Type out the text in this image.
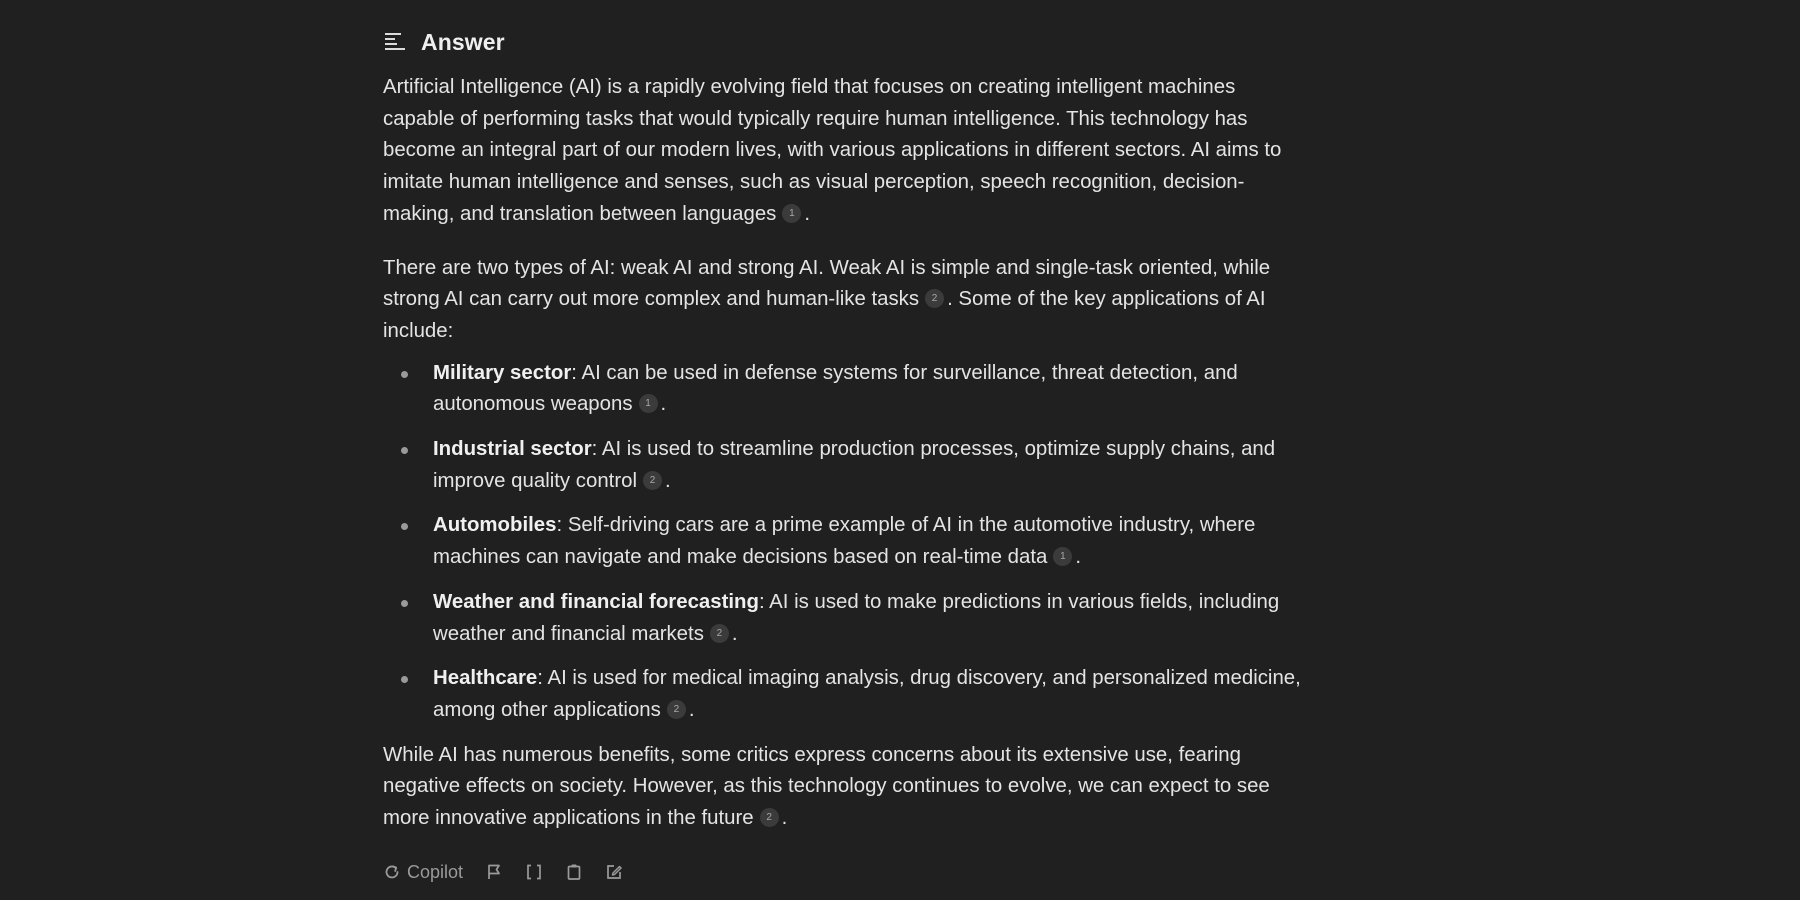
Answer

Artificial Intelligence (AI) is a rapidly evolving field that focuses on creating intelligent machines capable of performing tasks that would typically require human intelligence. This technology has become an integral part of our modern lives, with various applications in different sectors. AI aims to imitate human intelligence and senses, such as visual perception, speech recognition, decision-making, and translation between languages 1 .

There are two types of AI: weak AI and strong AI. Weak AI is simple and single-task oriented, while strong AI can carry out more complex and human-like tasks 2 . Some of the key applications of AI include:

Military sector: AI can be used in defense systems for surveillance, threat detection, and autonomous weapons 1 .
Industrial sector: AI is used to streamline production processes, optimize supply chains, and improve quality control 2 .
Automobiles: Self-driving cars are a prime example of AI in the automotive industry, where machines can navigate and make decisions based on real-time data 1 .
Weather and financial forecasting: AI is used to make predictions in various fields, including weather and financial markets 2 .
Healthcare: AI is used for medical imaging analysis, drug discovery, and personalized medicine, among other applications 2 .

While AI has numerous benefits, some critics express concerns about its extensive use, fearing negative effects on society. However, as this technology continues to evolve, we can expect to see more innovative applications in the future 2 .

Copilot
